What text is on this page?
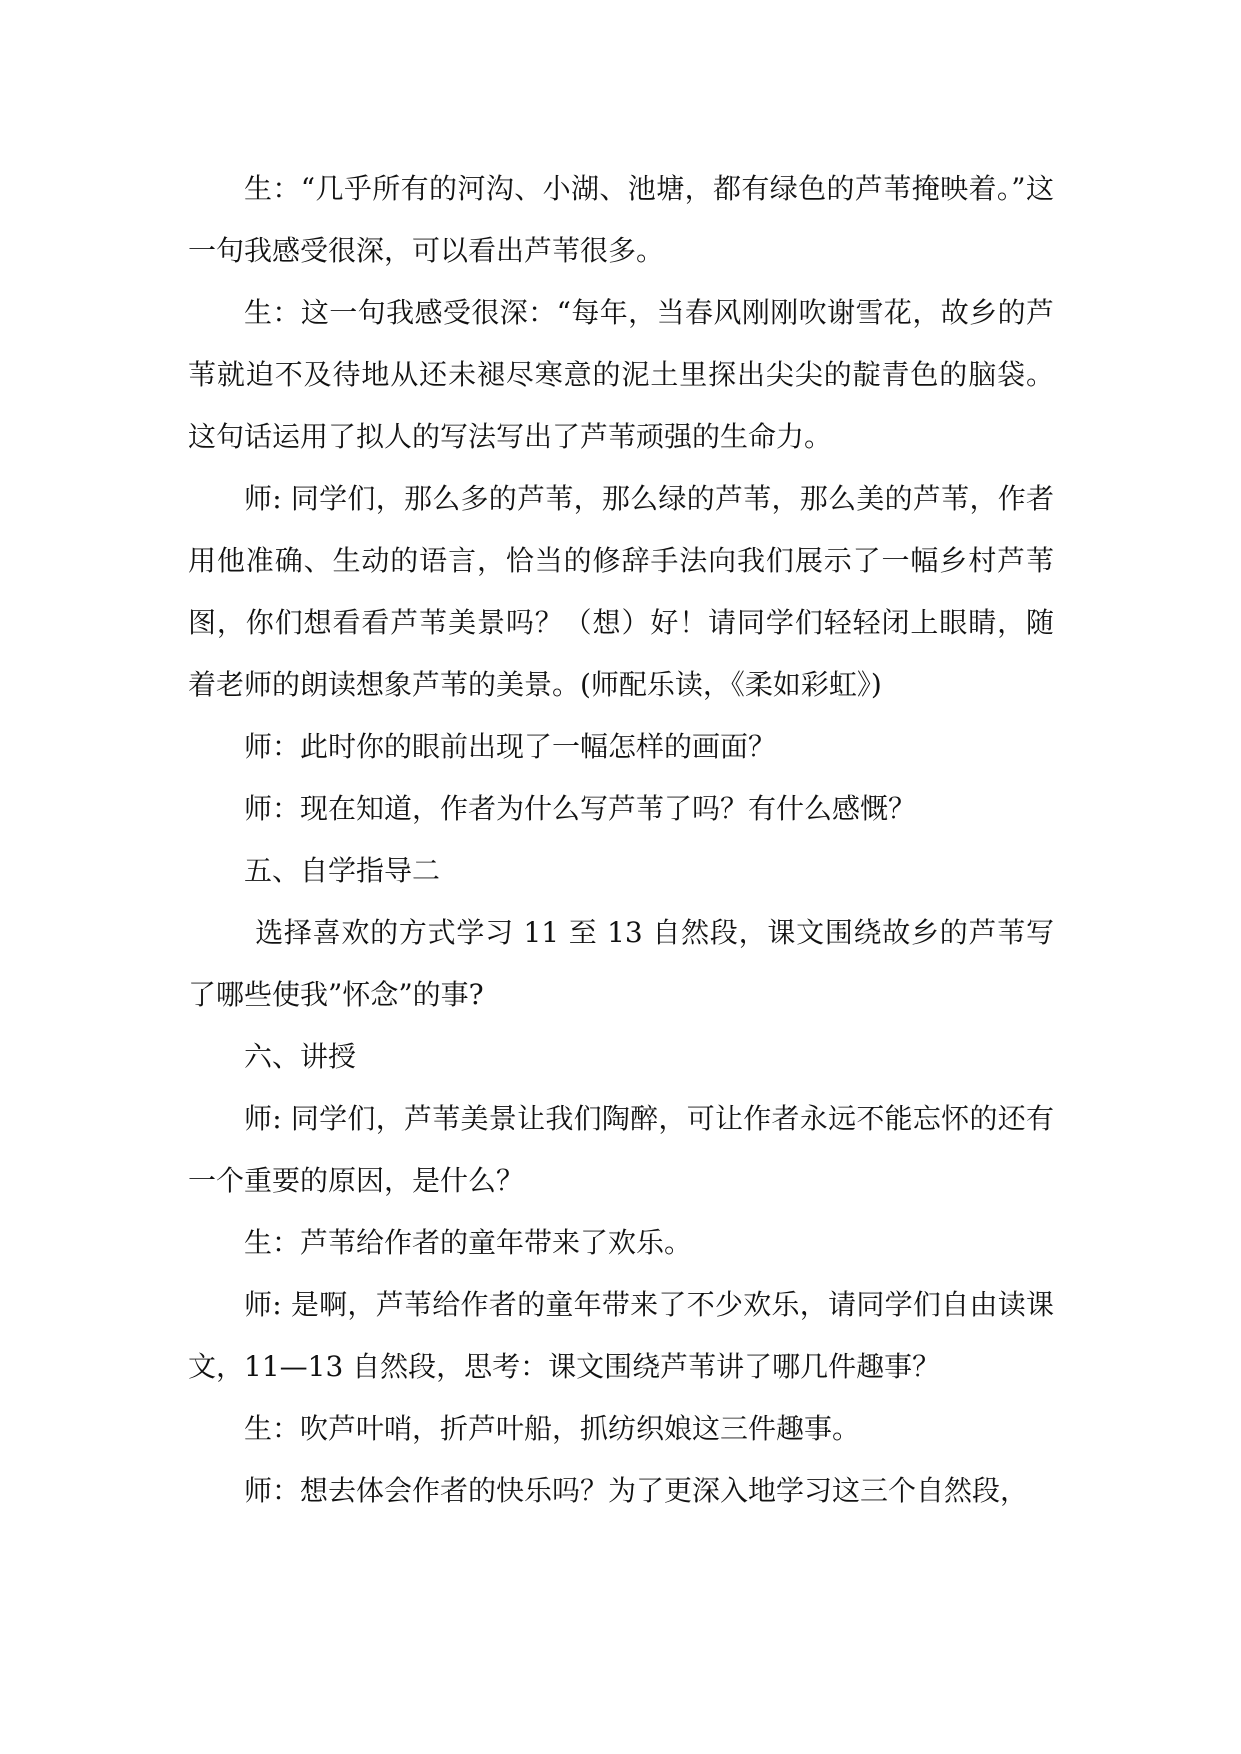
生：“几乎所有的河沟、小湖、池塘，都有绿色的芦苇掩映着。”这一句我感受很深，可以看出芦苇很多。

生：这一句我感受很深：“每年，当春风刚刚吹谢雪花，故乡的芦苇就迫不及待地从还未褪尽寒意的泥土里探出尖尖的靛青色的脑袋。这句话运用了拟人的写法写出了芦苇顽强的生命力。

师: 同学们，那么多的芦苇，那么绿的芦苇，那么美的芦苇，作者用他准确、生动的语言，恰当的修辞手法向我们展示了一幅乡村芦苇图，你们想看看芦苇美景吗？（想）好！请同学们轻轻闭上眼睛，随着老师的朗读想象芦苇的美景。(师配乐读，《柔如彩虹》)

师：此时你的眼前出现了一幅怎样的画面？

师：现在知道，作者为什么写芦苇了吗？有什么感慨？

五、自学指导二

选择喜欢的方式学习 11 至 13 自然段，课文围绕故乡的芦苇写了哪些使我”怀念”的事?

六、讲授

师: 同学们，芦苇美景让我们陶醉，可让作者永远不能忘怀的还有一个重要的原因，是什么？

生：芦苇给作者的童年带来了欢乐。

师: 是啊，芦苇给作者的童年带来了不少欢乐，请同学们自由读课文，11—13 自然段，思考：课文围绕芦苇讲了哪几件趣事？

生：吹芦叶哨，折芦叶船，抓纺织娘这三件趣事。

师：想去体会作者的快乐吗？为了更深入地学习这三个自然段，
